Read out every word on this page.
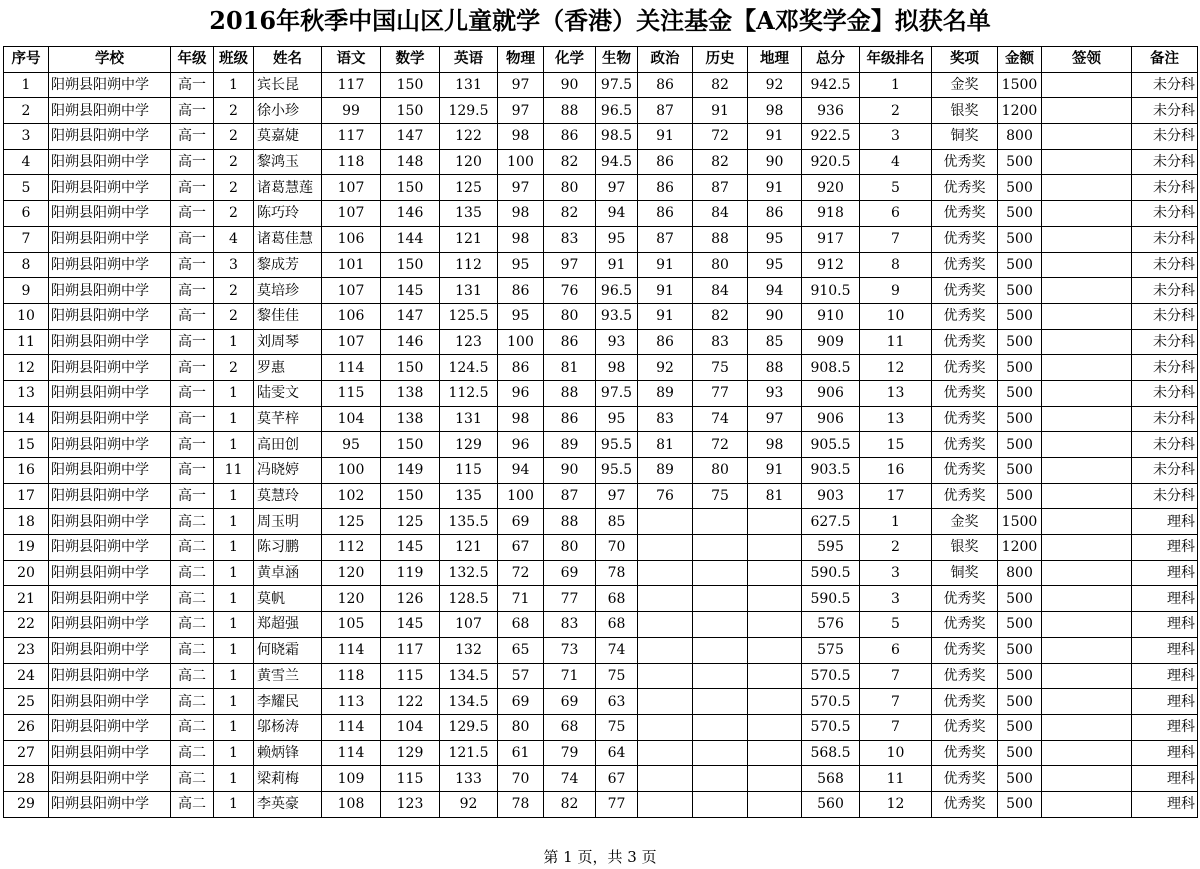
2016年秋季中国山区儿童就学（香港）关注基金【A邓奖学金】拟获名单
序号	学校	年级	班级	姓名	语文	数学	英语	物理	化学	生物	政治	历史	地理	总分	年级排名	奖项	金额	签领	备注
1	阳朔县阳朔中学	高一	1	宾长昆	117	150	131	97	90	97.5	86	82	92	942.5	1	金奖	1500		未分科
2	阳朔县阳朔中学	高一	2	徐小珍	99	150	129.5	97	88	96.5	87	91	98	936	2	银奖	1200		未分科
3	阳朔县阳朔中学	高一	2	莫嘉婕	117	147	122	98	86	98.5	91	72	91	922.5	3	铜奖	800		未分科
4	阳朔县阳朔中学	高一	2	黎鸿玉	118	148	120	100	82	94.5	86	82	90	920.5	4	优秀奖	500		未分科
5	阳朔县阳朔中学	高一	2	诸葛慧莲	107	150	125	97	80	97	86	87	91	920	5	优秀奖	500		未分科
6	阳朔县阳朔中学	高一	2	陈巧玲	107	146	135	98	82	94	86	84	86	918	6	优秀奖	500		未分科
7	阳朔县阳朔中学	高一	4	诸葛佳慧	106	144	121	98	83	95	87	88	95	917	7	优秀奖	500		未分科
8	阳朔县阳朔中学	高一	3	黎成芳	101	150	112	95	97	91	91	80	95	912	8	优秀奖	500		未分科
9	阳朔县阳朔中学	高一	2	莫培珍	107	145	131	86	76	96.5	91	84	94	910.5	9	优秀奖	500		未分科
10	阳朔县阳朔中学	高一	2	黎佳佳	106	147	125.5	95	80	93.5	91	82	90	910	10	优秀奖	500		未分科
11	阳朔县阳朔中学	高一	1	刘周琴	107	146	123	100	86	93	86	83	85	909	11	优秀奖	500		未分科
12	阳朔县阳朔中学	高一	2	罗惠	114	150	124.5	86	81	98	92	75	88	908.5	12	优秀奖	500		未分科
13	阳朔县阳朔中学	高一	1	陆雯文	115	138	112.5	96	88	97.5	89	77	93	906	13	优秀奖	500		未分科
14	阳朔县阳朔中学	高一	1	莫芊梓	104	138	131	98	86	95	83	74	97	906	13	优秀奖	500		未分科
15	阳朔县阳朔中学	高一	1	高田创	95	150	129	96	89	95.5	81	72	98	905.5	15	优秀奖	500		未分科
16	阳朔县阳朔中学	高一	11	冯晓婷	100	149	115	94	90	95.5	89	80	91	903.5	16	优秀奖	500		未分科
17	阳朔县阳朔中学	高一	1	莫慧玲	102	150	135	100	87	97	76	75	81	903	17	优秀奖	500		未分科
18	阳朔县阳朔中学	高二	1	周玉明	125	125	135.5	69	88	85				627.5	1	金奖	1500		理科
19	阳朔县阳朔中学	高二	1	陈习鹏	112	145	121	67	80	70				595	2	银奖	1200		理科
20	阳朔县阳朔中学	高二	1	黄卓涵	120	119	132.5	72	69	78				590.5	3	铜奖	800		理科
21	阳朔县阳朔中学	高二	1	莫帆	120	126	128.5	71	77	68				590.5	3	优秀奖	500		理科
22	阳朔县阳朔中学	高二	1	郑超强	105	145	107	68	83	68				576	5	优秀奖	500		理科
23	阳朔县阳朔中学	高二	1	何晓霜	114	117	132	65	73	74				575	6	优秀奖	500		理科
24	阳朔县阳朔中学	高二	1	黄雪兰	118	115	134.5	57	71	75				570.5	7	优秀奖	500		理科
25	阳朔县阳朔中学	高二	1	李耀民	113	122	134.5	69	69	63				570.5	7	优秀奖	500		理科
26	阳朔县阳朔中学	高二	1	邬杨涛	114	104	129.5	80	68	75				570.5	7	优秀奖	500		理科
27	阳朔县阳朔中学	高二	1	赖炳锋	114	129	121.5	61	79	64				568.5	10	优秀奖	500		理科
28	阳朔县阳朔中学	高二	1	梁莉梅	109	115	133	70	74	67				568	11	优秀奖	500		理科
29	阳朔县阳朔中学	高二	1	李英豪	108	123	92	78	82	77				560	12	优秀奖	500		理科
第 1 页，共 3 页
